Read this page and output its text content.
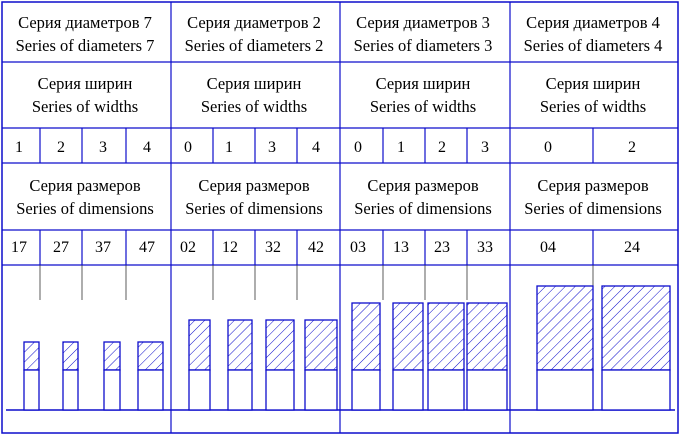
Серия диаметров 7
Series of diameters 7
Серия ширин
Series of widths
1 2 3 4
Серия размеров
Series of dimensions
17 27 37 47
Серия диаметров 2
Series of diameters 2
Серия ширин
Series of widths
0 1 3 4
Серия размеров
Series of dimensions
02 12 32 42
Серия диаметров 3
Series of diameters 3
Серия ширин
Series of widths
0 1 2 3
Серия размеров
Series of dimensions
03 13 23 33
Серия диаметров 4
Series of diameters 4
Серия ширин
Series of widths
0	2
Серия размеров
Series of dimensions
04	24
